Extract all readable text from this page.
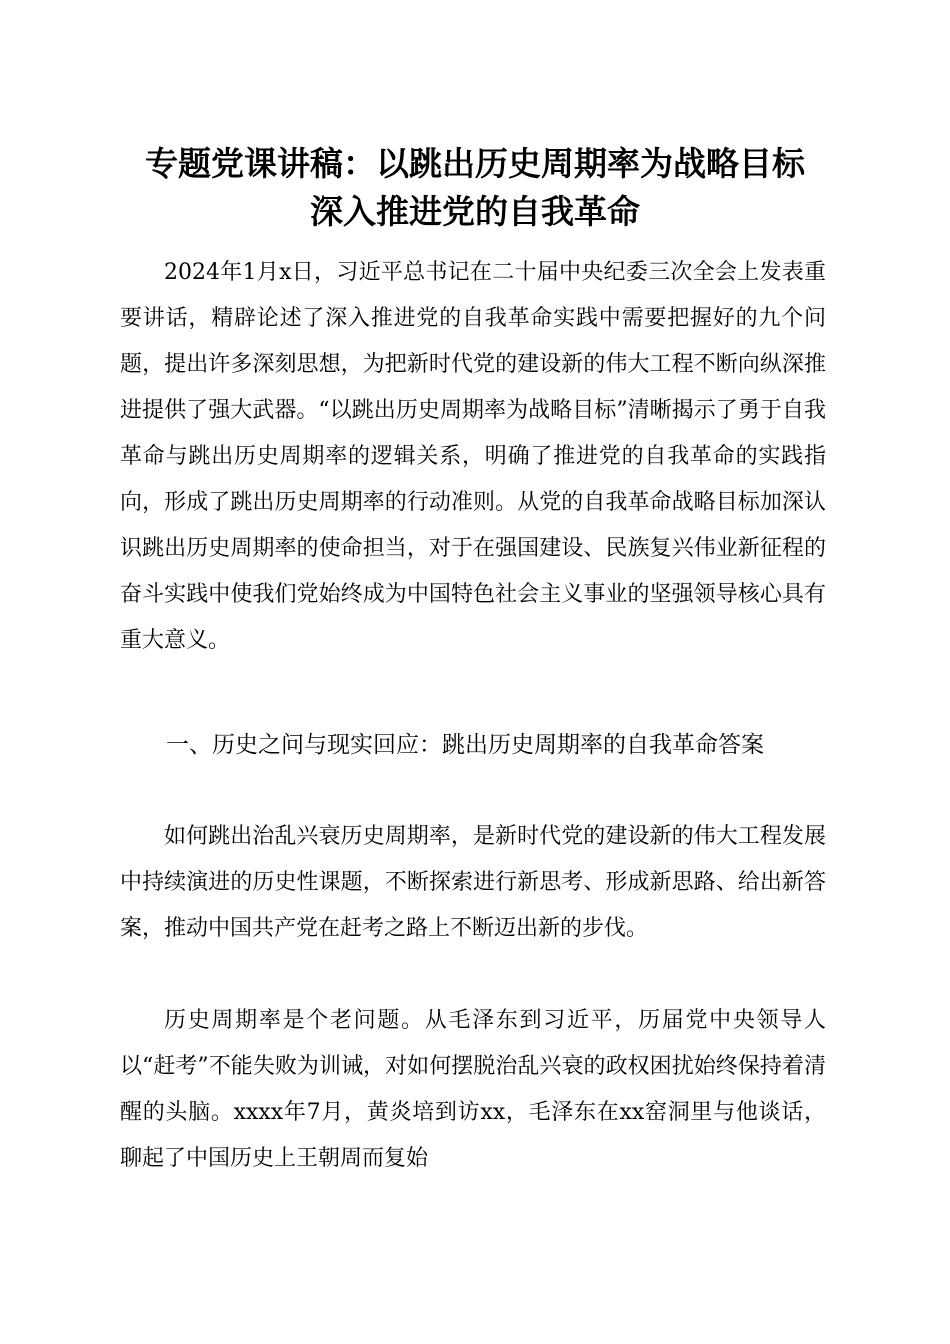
专题党课讲稿：以跳出历史周期率为战略目标
深入推进党的自我革命

2024年1月x日，习近平总书记在二十届中央纪委三次全会上发表重要讲话，精辟论述了深入推进党的自我革命实践中需要把握好的九个问题，提出许多深刻思想，为把新时代党的建设新的伟大工程不断向纵深推进提供了强大武器。“以跳出历史周期率为战略目标”清晰揭示了勇于自我革命与跳出历史周期率的逻辑关系，明确了推进党的自我革命的实践指向，形成了跳出历史周期率的行动准则。从党的自我革命战略目标加深认识跳出历史周期率的使命担当，对于在强国建设、民族复兴伟业新征程的奋斗实践中使我们党始终成为中国特色社会主义事业的坚强领导核心具有重大意义。

一、历史之问与现实回应：跳出历史周期率的自我革命答案

如何跳出治乱兴衰历史周期率，是新时代党的建设新的伟大工程发展中持续演进的历史性课题，不断探索进行新思考、形成新思路、给出新答案，推动中国共产党在赶考之路上不断迈出新的步伐。

历史周期率是个老问题。从毛泽东到习近平，历届党中央领导人以“赶考”不能失败为训诫，对如何摆脱治乱兴衰的政权困扰始终保持着清醒的头脑。xxxx年7月，黄炎培到访xx，毛泽东在xx窑洞里与他谈话，聊起了中国历史上王朝周而复始
